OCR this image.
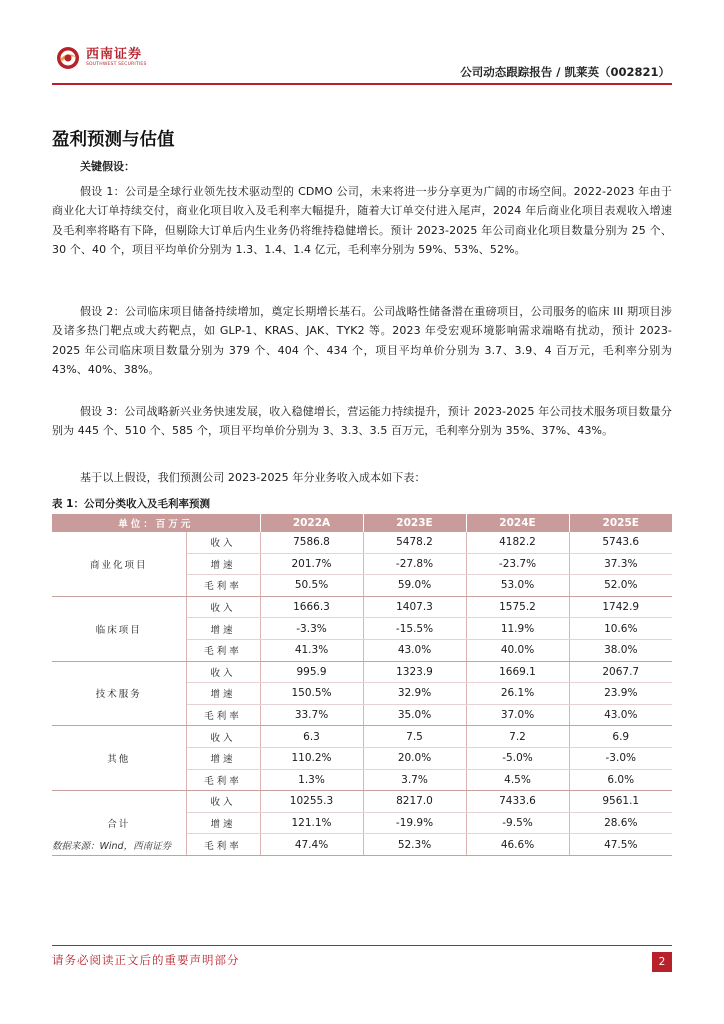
西南证券
SOUTHWEST SECURITIES
公司动态跟踪报告 / 凯莱英（002821）
盈利预测与估值
关键假设：

假设 1：公司是全球行业领先技术驱动型的 CDMO 公司，未来将进一步分享更为广阔的市场空间。2022-2023 年由于商业化大订单持续交付，商业化项目收入及毛利率大幅提升，随着大订单交付进入尾声，2024 年后商业化项目表观收入增速及毛利率将略有下降，但剔除大订单后内生业务仍将维持稳健增长。预计 2023-2025 年公司商业化项目数量分别为 25 个、30 个、40 个，项目平均单价分别为 1.3、1.4、1.4 亿元，毛利率分别为 59%、53%、52%。

假设 2：公司临床项目储备持续增加，奠定长期增长基石。公司战略性储备潜在重磅项目，公司服务的临床 III 期项目涉及诸多热门靶点或大药靶点，如 GLP-1、KRAS、JAK、TYK2 等。2023 年受宏观环境影响需求端略有扰动，预计 2023-2025 年公司临床项目数量分别为 379 个、404 个、434 个，项目平均单价分别为 3.7、3.9、4 百万元，毛利率分别为 43%、40%、38%。

假设 3：公司战略新兴业务快速发展，收入稳健增长，营运能力持续提升，预计 2023-2025 年公司技术服务项目数量分别为 445 个、510 个、585 个，项目平均单价分别为 3、3.3、3.5 百万元，毛利率分别为 35%、37%、43%。

基于以上假设，我们预测公司 2023-2025 年分业务收入成本如下表：

表 1：公司分类收入及毛利率预测
单位：百万元		2022A	2023E	2024E	2025E
商业化项目	收入	7586.8	5478.2	4182.2	5743.6
	增速	201.7%	-27.8%	-23.7%	37.3%
	毛利率	50.5%	59.0%	53.0%	52.0%
临床项目	收入	1666.3	1407.3	1575.2	1742.9
	增速	-3.3%	-15.5%	11.9%	10.6%
	毛利率	41.3%	43.0%	40.0%	38.0%
技术服务	收入	995.9	1323.9	1669.1	2067.7
	增速	150.5%	32.9%	26.1%	23.9%
	毛利率	33.7%	35.0%	37.0%	43.0%
其他	收入	6.3	7.5	7.2	6.9
	增速	110.2%	20.0%	-5.0%	-3.0%
	毛利率	1.3%	3.7%	4.5%	6.0%
合计	收入	10255.3	8217.0	7433.6	9561.1
	增速	121.1%	-19.9%	-9.5%	28.6%
	毛利率	47.4%	52.3%	46.6%	47.5%
数据来源：Wind，西南证券
请务必阅读正文后的重要声明部分	2
